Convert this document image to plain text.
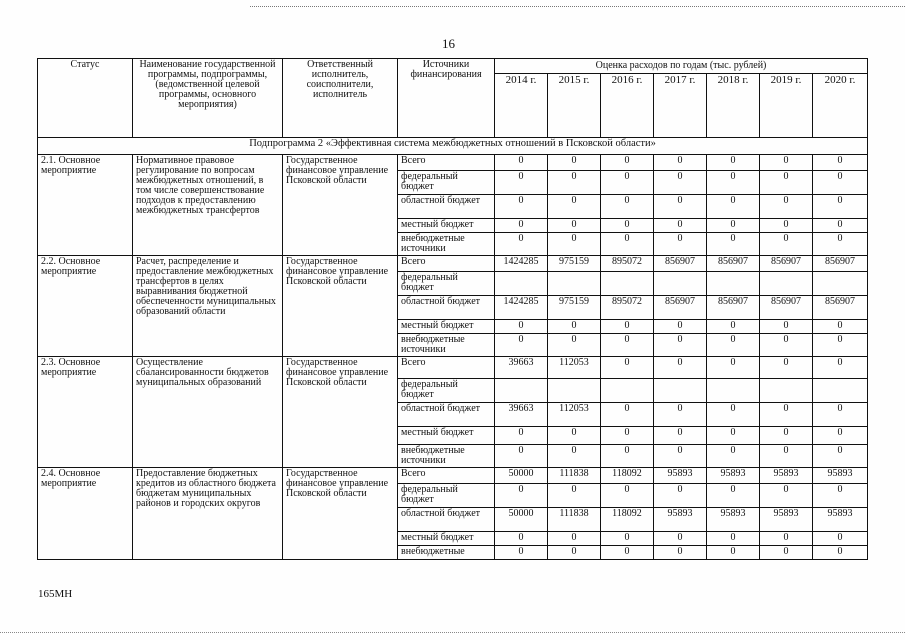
16
Статус	Наименование государственной программы, подпрограммы, (ведомственной целевой программы, основного мероприятия)	Ответственный исполнитель, соисполнители, исполнитель	Источники финансирования	Оценка расходов по годам (тыс. рублей)						
				2014 г.	2015 г.	2016 г.	2017 г.	2018 г.	2019 г.	2020 г.
Подпрограмма 2 «Эффективная система межбюджетных отношений в Псковской области»										
2.1. Основное мероприятие	Нормативное правовое регулирование по вопросам межбюджетных отношений, в том числе совершенствование подходов к предоставлению межбюджетных трансфертов	Государственное финансовое управление Псковской области	Всего	0	0	0	0	0	0	0
			федеральный бюджет	0	0	0	0	0	0	0
			областной бюджет	0	0	0	0	0	0	0
			местный бюджет	0	0	0	0	0	0	0
			внебюджетные источники	0	0	0	0	0	0	0
2.2. Основное мероприятие	Расчет, распределение и предоставление межбюджетных трансфертов в целях выравнивания бюджетной обеспеченности муниципальных образований области	Государственное финансовое управление Псковской области	Всего	1424285	975159	895072	856907	856907	856907	856907
			федеральный бюджет							
			областной бюджет	1424285	975159	895072	856907	856907	856907	856907
			местный бюджет	0	0	0	0	0	0	0
			внебюджетные источники	0	0	0	0	0	0	0
2.3. Основное мероприятие	Осуществление сбалансированности бюджетов муниципальных образований	Государственное финансовое управление Псковской области	Всего	39663	112053	0	0	0	0	0
			федеральный бюджет							
			областной бюджет	39663	112053	0	0	0	0	0
			местный бюджет	0	0	0	0	0	0	0
			внебюджетные источники	0	0	0	0	0	0	0
2.4. Основное мероприятие	Предоставление бюджетных кредитов из областного бюджета бюджетам муниципальных районов и городских округов	Государственное финансовое управление Псковской области	Всего	50000	111838	118092	95893	95893	95893	95893
			федеральный бюджет	0	0	0	0	0	0	0
			областной бюджет	50000	111838	118092	95893	95893	95893	95893
			местный бюджет	0	0	0	0	0	0	0
			внебюджетные	0	0	0	0	0	0	0
165МН
